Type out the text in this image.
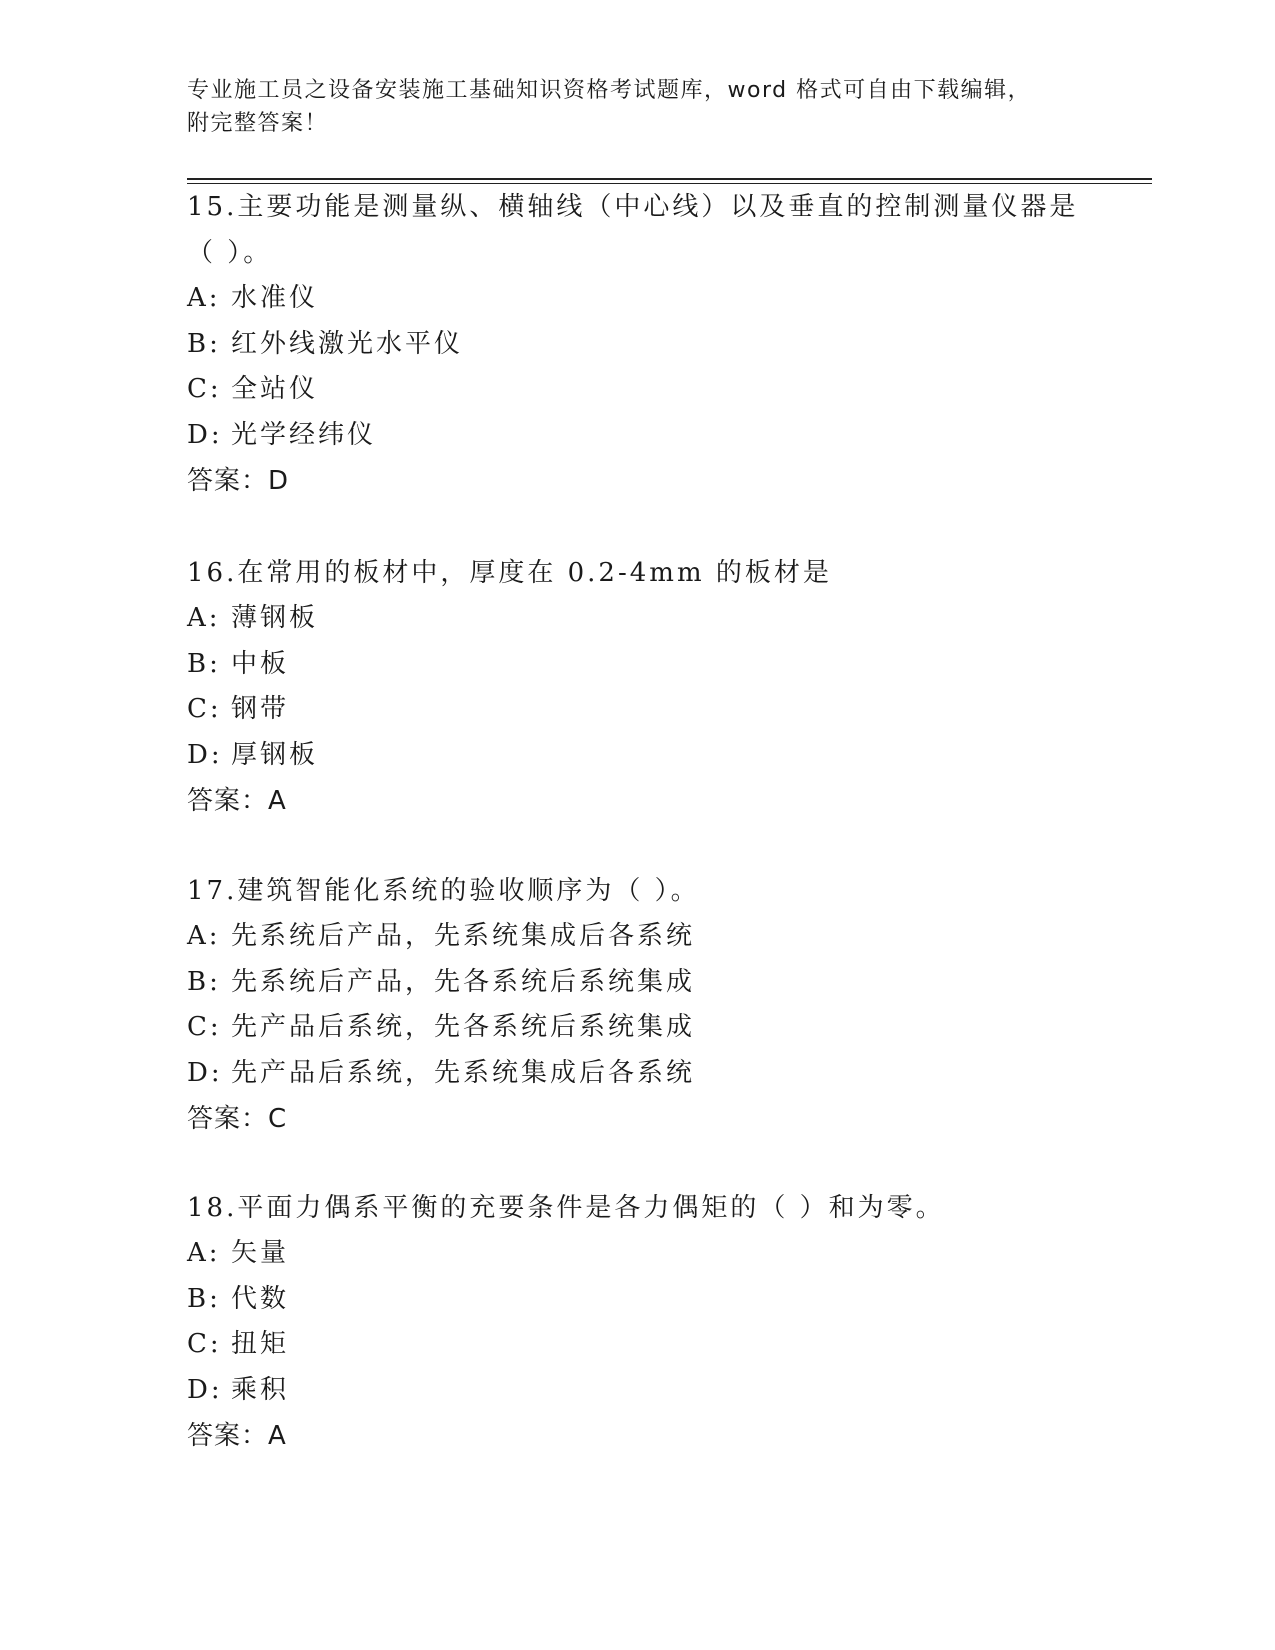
专业施工员之设备安装施工基础知识资格考试题库，word 格式可自由下载编辑，
附完整答案！
15.主要功能是测量纵、横轴线（中心线）以及垂直的控制测量仪器是
（ ）。
A: 水准仪
B: 红外线激光水平仪
C: 全站仪
D: 光学经纬仪
答案：D
16.在常用的板材中，厚度在 0.2-4mm 的板材是
A: 薄钢板
B: 中板
C: 钢带
D: 厚钢板
答案：A
17.建筑智能化系统的验收顺序为（ ）。
A: 先系统后产品，先系统集成后各系统
B: 先系统后产品，先各系统后系统集成
C: 先产品后系统，先各系统后系统集成
D: 先产品后系统，先系统集成后各系统
答案：C
18.平面力偶系平衡的充要条件是各力偶矩的（ ）和为零。
A: 矢量
B: 代数
C: 扭矩
D: 乘积
答案：A
